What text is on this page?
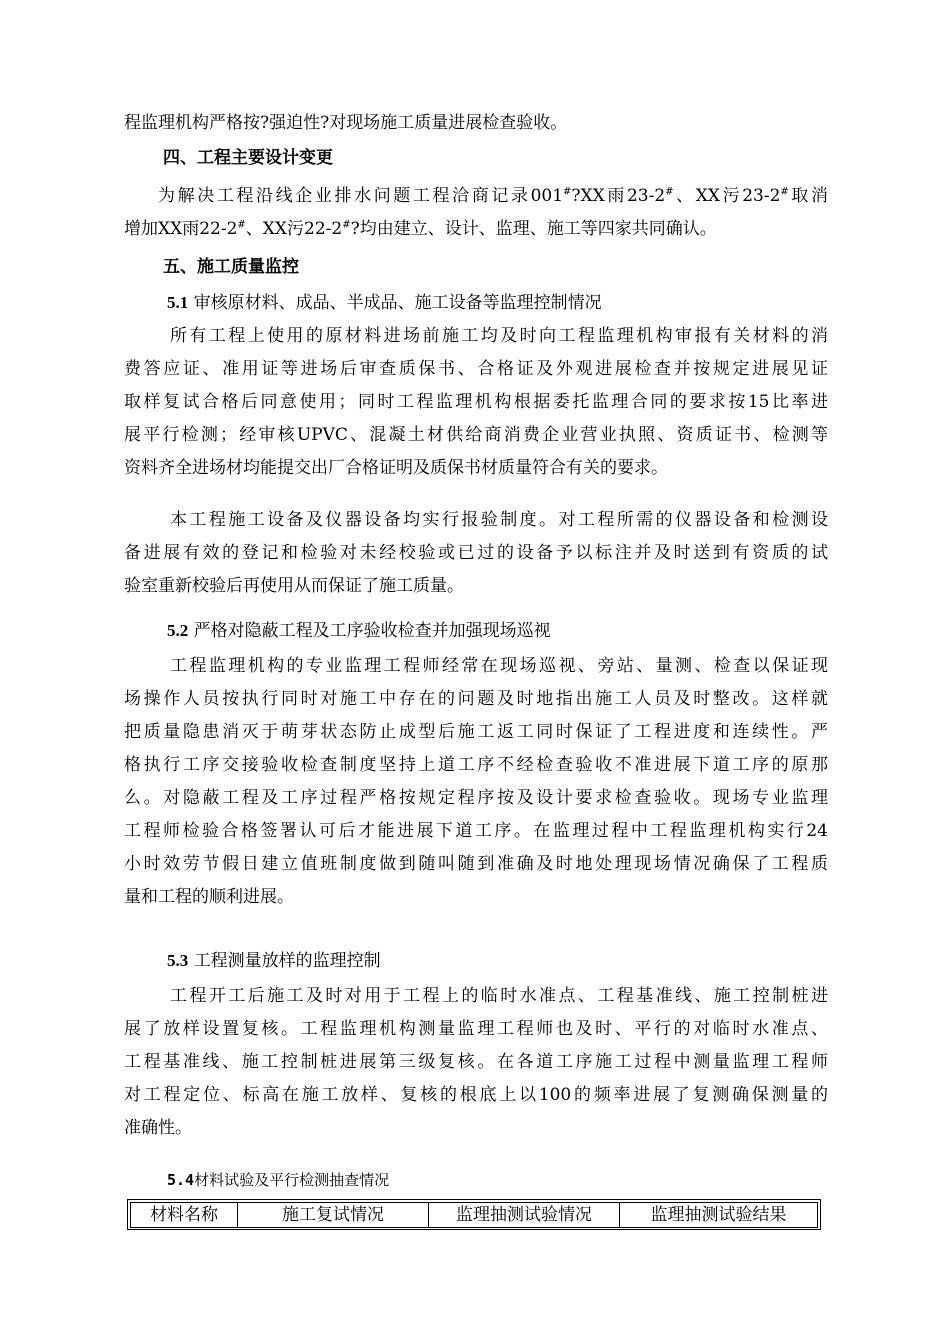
程监理机构严格按?强迫性?对现场施工质量进展检查验收。

四、工程主要设计变更

为解决工程沿线企业排水问题工程洽商记录001#?XX雨23-2#、XX污23-2#取消
增加XX雨22-2#、XX污22-2#?均由建立、设计、监理、施工等四家共同确认。

五、施工质量监控

5.1 审核原材料、成品、半成品、施工设备等监理控制情况

所有工程上使用的原材料进场前施工均及时向工程监理机构审报有关材料的消
费答应证、准用证等进场后审查质保书、合格证及外观进展检查并按规定进展见证
取样复试合格后同意使用；同时工程监理机构根据委托监理合同的要求按15比率进
展平行检测；经审核UPVC、混凝土材供给商消费企业营业执照、资质证书、检测等
资料齐全进场材均能提交出厂合格证明及质保书材质量符合有关的要求。

本工程施工设备及仪器设备均实行报验制度。对工程所需的仪器设备和检测设
备进展有效的登记和检验对未经校验或已过的设备予以标注并及时送到有资质的试
验室重新校验后再使用从而保证了施工质量。

5.2 严格对隐蔽工程及工序验收检查并加强现场巡视

工程监理机构的专业监理工程师经常在现场巡视、旁站、量测、检查以保证现
场操作人员按执行同时对施工中存在的问题及时地指出施工人员及时整改。这样就
把质量隐患消灭于萌芽状态防止成型后施工返工同时保证了工程进度和连续性。严
格执行工序交接验收检查制度坚持上道工序不经检查验收不准进展下道工序的原那
么。对隐蔽工程及工序过程严格按规定程序按及设计要求检查验收。现场专业监理
工程师检验合格签署认可后才能进展下道工序。在监理过程中工程监理机构实行24
小时效劳节假日建立值班制度做到随叫随到准确及时地处理现场情况确保了工程质
量和工程的顺利进展。

5.3 工程测量放样的监理控制

工程开工后施工及时对用于工程上的临时水准点、工程基准线、施工控制桩进
展了放样设置复核。工程监理机构测量监理工程师也及时、平行的对临时水准点、
工程基准线、施工控制桩进展第三级复核。在各道工序施工过程中测量监理工程师
对工程定位、标高在施工放样、复核的根底上以100的频率进展了复测确保测量的
准确性。

5.4材料试验及平行检测抽查情况

材料名称	施工复试情况	监理抽测试验情况	监理抽测试验结果
